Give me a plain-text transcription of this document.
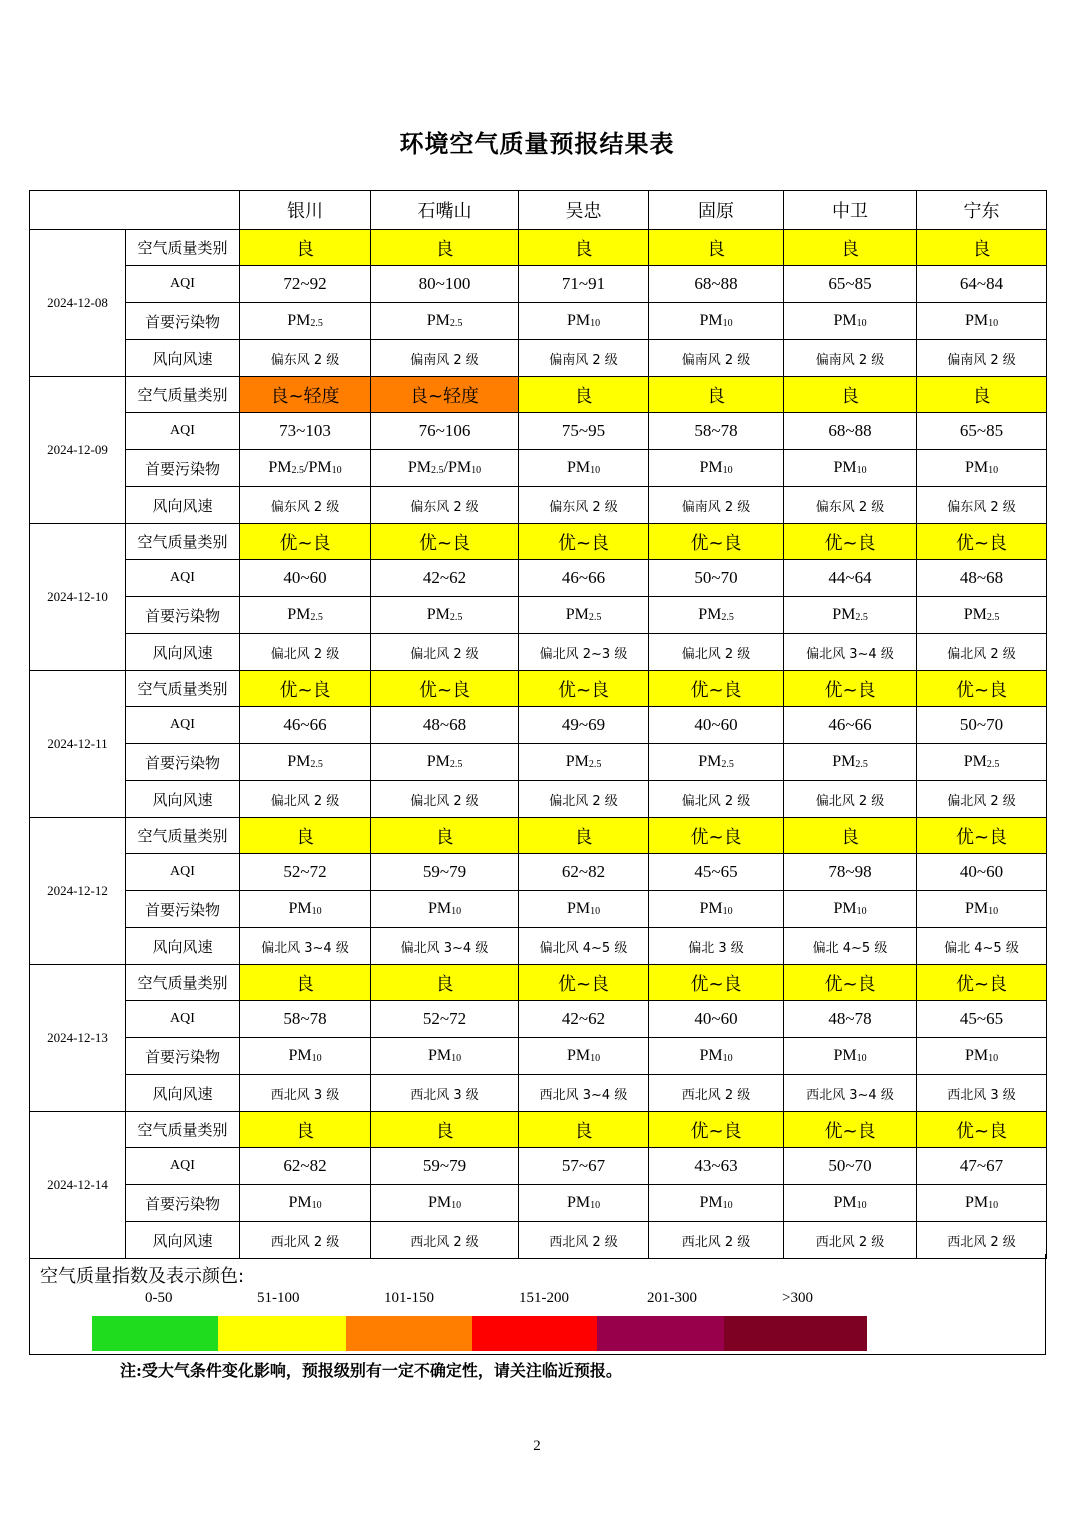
环境空气质量预报结果表
		银川	石嘴山	吴忠	固原	中卫	宁东
2024-12-08	空气质量类别	良	良	良	良	良	良
	AQI	72~92	80~100	71~91	68~88	65~85	64~84
	首要污染物	$PM_{2.5}$	$PM_{2.5}$	$PM_{10}$	$PM_{10}$	$PM_{10}$	$PM_{10}$
	风向风速	偏东风 2 级	偏南风 2 级	偏南风 2 级	偏南风 2 级	偏南风 2 级	偏南风 2 级
2024-12-09	空气质量类别	良~轻度	良~轻度	良	良	良	良
	AQI	73~103	76~106	75~95	58~78	68~88	65~85
	首要污染物	$PM_{2.5}/PM_{10}$	$PM_{2.5}/PM_{10}$	$PM_{10}$	$PM_{10}$	$PM_{10}$	$PM_{10}$
	风向风速	偏东风 2 级	偏东风 2 级	偏东风 2 级	偏南风 2 级	偏东风 2 级	偏东风 2 级
2024-12-10	空气质量类别	优~良	优~良	优~良	优~良	优~良	优~良
	AQI	40~60	42~62	46~66	50~70	44~64	48~68
	首要污染物	$PM_{2.5}$	$PM_{2.5}$	$PM_{2.5}$	$PM_{2.5}$	$PM_{2.5}$	$PM_{2.5}$
	风向风速	偏北风 2 级	偏北风 2 级	偏北风 2~3 级	偏北风 2 级	偏北风 3~4 级	偏北风 2 级
2024-12-11	空气质量类别	优~良	优~良	优~良	优~良	优~良	优~良
	AQI	46~66	48~68	49~69	40~60	46~66	50~70
	首要污染物	$PM_{2.5}$	$PM_{2.5}$	$PM_{2.5}$	$PM_{2.5}$	$PM_{2.5}$	$PM_{2.5}$
	风向风速	偏北风 2 级	偏北风 2 级	偏北风 2 级	偏北风 2 级	偏北风 2 级	偏北风 2 级
2024-12-12	空气质量类别	良	良	良	优~良	良	优~良
	AQI	52~72	59~79	62~82	45~65	78~98	40~60
	首要污染物	$PM_{10}$	$PM_{10}$	$PM_{10}$	$PM_{10}$	$PM_{10}$	$PM_{10}$
	风向风速	偏北风 3~4 级	偏北风 3~4 级	偏北风 4~5 级	偏北 3 级	偏北 4~5 级	偏北 4~5 级
2024-12-13	空气质量类别	良	良	优~良	优~良	优~良	优~良
	AQI	58~78	52~72	42~62	40~60	48~78	45~65
	首要污染物	$PM_{10}$	$PM_{10}$	$PM_{10}$	$PM_{10}$	$PM_{10}$	$PM_{10}$
	风向风速	西北风 3 级	西北风 3 级	西北风 3~4 级	西北风 2 级	西北风 3~4 级	西北风 3 级
2024-12-14	空气质量类别	良	良	良	优~良	优~良	优~良
	AQI	62~82	59~79	57~67	43~63	50~70	47~67
	首要污染物	$PM_{10}$	$PM_{10}$	$PM_{10}$	$PM_{10}$	$PM_{10}$	$PM_{10}$
	风向风速	西北风 2 级	西北风 2 级	西北风 2 级	西北风 2 级	西北风 2 级	西北风 2 级
空气质量指数及表示颜色:
0-50	51-100	101-150	151-200	201-300	>300
注:受大气条件变化影响，预报级别有一定不确定性，请关注临近预报。
2
